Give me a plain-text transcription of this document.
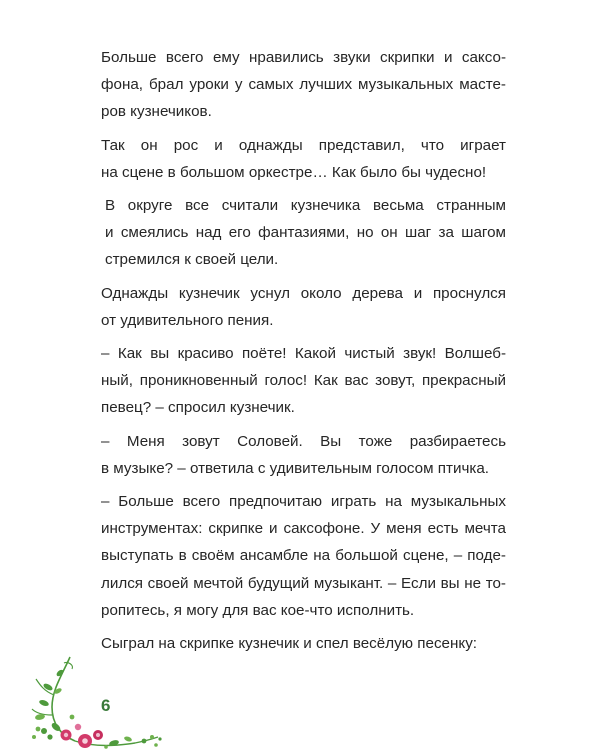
Больше всего ему нравились звуки скрипки и саксо-
фона, брал уроки у самых лучших музыкальных масте-
ров кузнечиков.

Так он рос и однажды представил, что играет
на сцене в большом оркестре… Как было бы чудесно!

В округе все считали кузнечика весьма странным
и смеялись над его фантазиями, но он шаг за шагом
стремился к своей цели.

Однажды кузнечик уснул около дерева и проснулся
от удивительного пения.

– Как вы красиво поёте! Какой чистый звук! Волшеб-
ный, проникновенный голос! Как вас зовут, прекрасный
певец? – спросил кузнечик.

– Меня зовут Соловей. Вы тоже разбираетесь
в музыке? – ответила с удивительным голосом птичка.

– Больше всего предпочитаю играть на музыкальных
инструментах: скрипке и саксофоне. У меня есть мечта
выступать в своём ансамбле на большой сцене, – поде-
лился своей мечтой будущий музыкант. – Если вы не то-
ропитесь, я могу для вас кое-что исполнить.

Сыграл на скрипке кузнечик и спел весёлую песенку:

6
